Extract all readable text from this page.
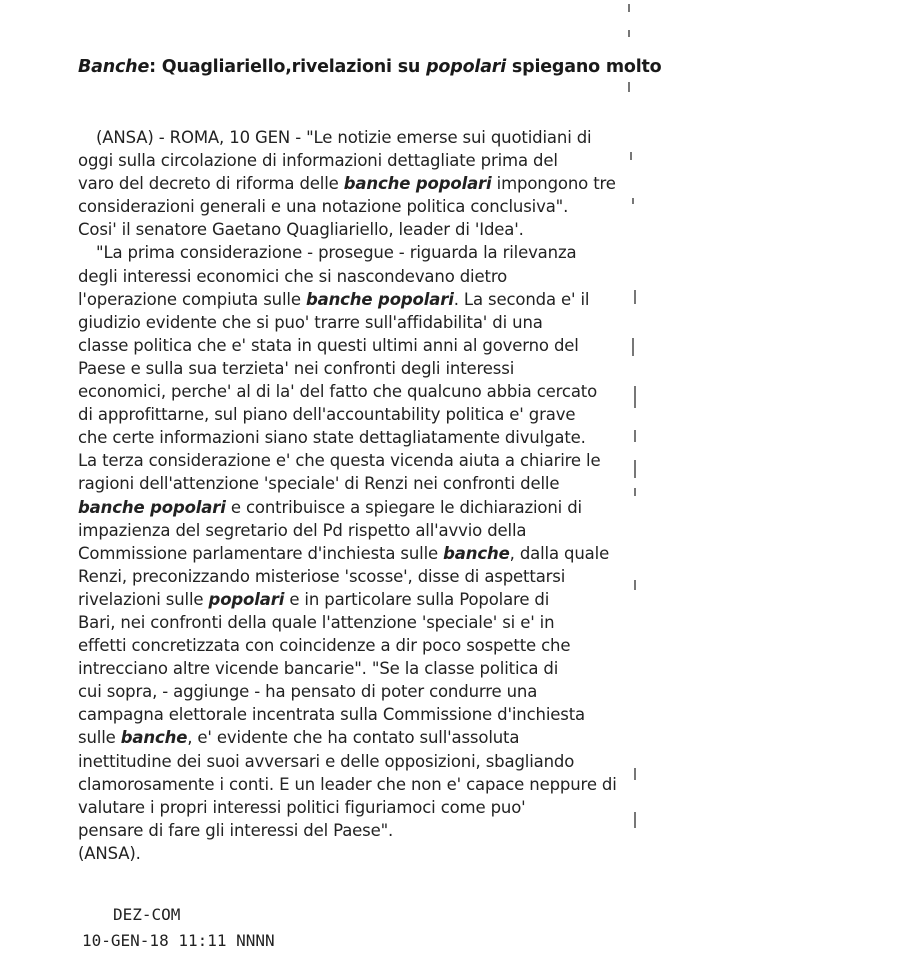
Banche: Quagliariello,rivelazioni su popolari spiegano molto
(ANSA) - ROMA, 10 GEN - "Le notizie emerse sui quotidiani di
oggi sulla circolazione di informazioni dettagliate prima del
varo del decreto di riforma delle banche popolari impongono tre
considerazioni generali e una notazione politica conclusiva".
Cosi' il senatore Gaetano Quagliariello, leader di 'Idea'.
"La prima considerazione - prosegue - riguarda la rilevanza
degli interessi economici che si nascondevano dietro
l'operazione compiuta sulle banche popolari. La seconda e' il
giudizio evidente che si puo' trarre sull'affidabilita' di una
classe politica che e' stata in questi ultimi anni al governo del
Paese e sulla sua terzieta' nei confronti degli interessi
economici, perche' al di la' del fatto che qualcuno abbia cercato
di approfittarne, sul piano dell'accountability politica e' grave
che certe informazioni siano state dettagliatamente divulgate.
La terza considerazione e' che questa vicenda aiuta a chiarire le
ragioni dell'attenzione 'speciale' di Renzi nei confronti delle
banche popolari e contribuisce a spiegare le dichiarazioni di
impazienza del segretario del Pd rispetto all'avvio della
Commissione parlamentare d'inchiesta sulle banche, dalla quale
Renzi, preconizzando misteriose 'scosse', disse di aspettarsi
rivelazioni sulle popolari e in particolare sulla Popolare di
Bari, nei confronti della quale l'attenzione 'speciale' si e' in
effetti concretizzata con coincidenze a dir poco sospette che
intrecciano altre vicende bancarie". "Se la classe politica di
cui sopra, - aggiunge - ha pensato di poter condurre una
campagna elettorale incentrata sulla Commissione d'inchiesta
sulle banche, e' evidente che ha contato sull'assoluta
inettitudine dei suoi avversari e delle opposizioni, sbagliando
clamorosamente i conti. E un leader che non e' capace neppure di
valutare i propri interessi politici figuriamoci come puo'
pensare di fare gli interessi del Paese".
(ANSA).
DEZ-COM
10-GEN-18 11:11 NNNN
